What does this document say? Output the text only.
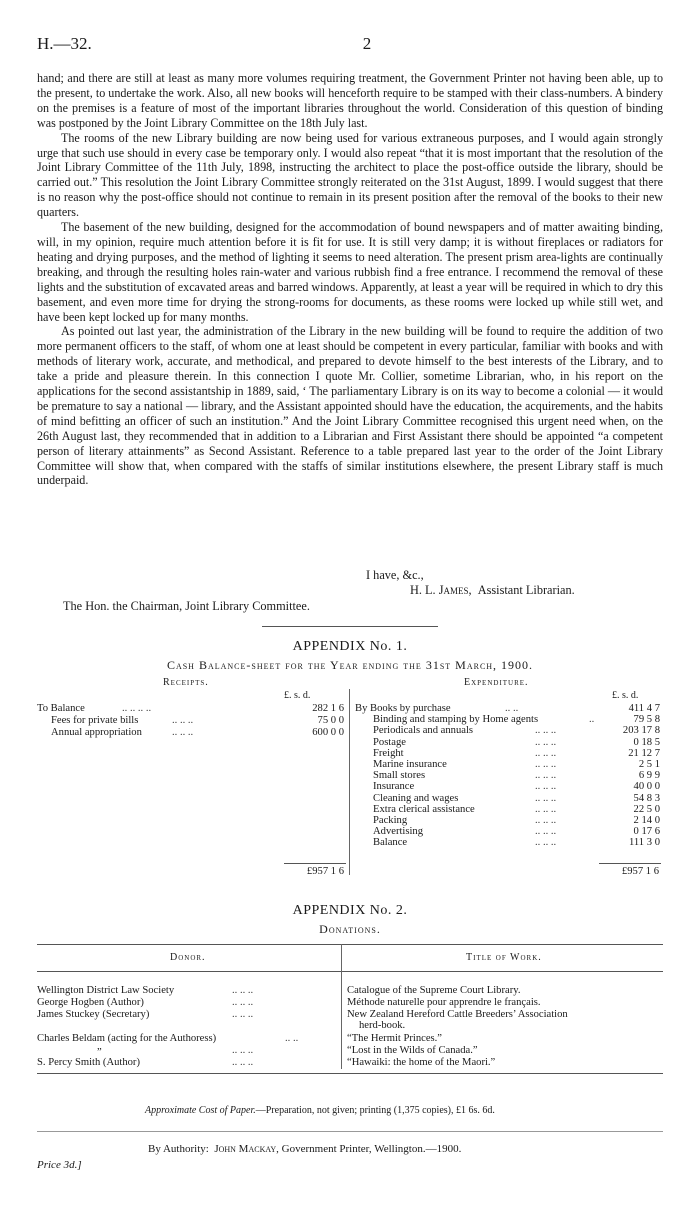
H.—32.	2

hand; and there are still at least as many more volumes requiring treatment, the Government Printer not having been able, up to the present, to undertake the work. Also, all new books will henceforth require to be stamped with their class-numbers. A bindery on the premises is a feature of most of the important libraries throughout the world. Consideration of this question of binding was postponed by the Joint Library Committee on the 18th July last.

The rooms of the new Library building are now being used for various extraneous purposes, and I would again strongly urge that such use should in every case be temporary only. I would also repeat “that it is most important that the resolution of the Joint Library Committee of the 11th July, 1898, instructing the architect to place the post-office outside the library, should be carried out.” This resolution the Joint Library Committee strongly reiterated on the 31st August, 1899. I would suggest that there is no reason why the post-office should not continue to remain in its present position after the removal of the books to their new quarters.

The basement of the new building, designed for the accommodation of bound newspapers and of matter awaiting binding, will, in my opinion, require much attention before it is fit for use. It is still very damp; it is without fireplaces or radiators for heating and drying purposes, and the method of lighting it seems to need alteration. The present prism area-lights are continually breaking, and through the resulting holes rain-water and various rubbish find a free entrance. I recommend the removal of these lights and the substitution of excavated areas and barred windows. Apparently, at least a year will be required in which to dry this basement, and even more time for drying the strong-rooms for documents, as these rooms were locked up while still wet, and have been kept locked up for many months.

As pointed out last year, the administration of the Library in the new building will be found to require the addition of two more permanent officers to the staff, of whom one at least should be competent in every particular, familiar with books and with methods of literary work, accurate, and methodical, and prepared to devote himself to the best interests of the Library, and to take a pride and pleasure therein. In this connection I quote Mr. Collier, sometime Librarian, who, in his report on the applications for the second assistantship in 1889, said, ‘ The parliamentary Library is on its way to become a colonial — it would be premature to say a national — library, and the Assistant appointed should have the education, the acquirements, and the habits of mind befitting an officer of such an institution.” And the Joint Library Committee recognised this urgent need when, on the 26th August last, they recommended that in addition to a Librarian and First Assistant there should be appointed “a competent person of literary attainments” as Second Assistant. Reference to a table prepared last year to the order of the Joint Library Committee will show that, when compared with the staffs of similar institutions elsewhere, the present Library staff is much underpaid.

I have, &c.,
H. L. James, Assistant Librarian.
The Hon. the Chairman, Joint Library Committee.
APPENDIX No. 1.
Cash Balance-sheet for the Year ending the 31st March, 1900.
Receipts.	Expenditure.
£. s. d.	£. s. d.
To Balance	.. .. .. ..	282 1 6
Fees for private bills	.. .. ..	75 0 0
Annual appropriation	.. .. ..	600 0 0
By Books by purchase	.. ..	411 4 7
Binding and stamping by Home agents	..	79 5 8
Periodicals and annuals	.. .. ..	203 17 8
Postage	.. .. ..	0 18 5
Freight	.. .. ..	21 12 7
Marine insurance	.. .. ..	2 5 1
Small stores	.. .. ..	6 9 9
Insurance	.. .. ..	40 0 0
Cleaning and wages	.. .. ..	54 8 3
Extra clerical assistance	.. .. ..	22 5 0
Packing	.. .. ..	2 14 0
Advertising	.. .. ..	0 17 6
Balance	.. .. ..	111 3 0
£957 1 6	£957 1 6
APPENDIX No. 2.
Donations.
Donor.	Title of Work.
Wellington District Law Society	.. .. ..	Catalogue of the Supreme Court Library.
George Hogben (Author)	.. .. ..	Méthode naturelle pour apprendre le français.
James Stuckey (Secretary)	.. .. ..	New Zealand Hereford Cattle Breeders’ Association
herd-book.
Charles Beldam (acting for the Authoress)	.. ..	“The Hermit Princes.”
„	.. .. ..	“Lost in the Wilds of Canada.”
S. Percy Smith (Author)	.. .. ..	“Hawaiki: the home of the Maori.”
Approximate Cost of Paper.—Preparation, not given; printing (1,375 copies), £1 6s. 6d.
By Authority: John Mackay, Government Printer, Wellington.—1900.
Price 3d.]
